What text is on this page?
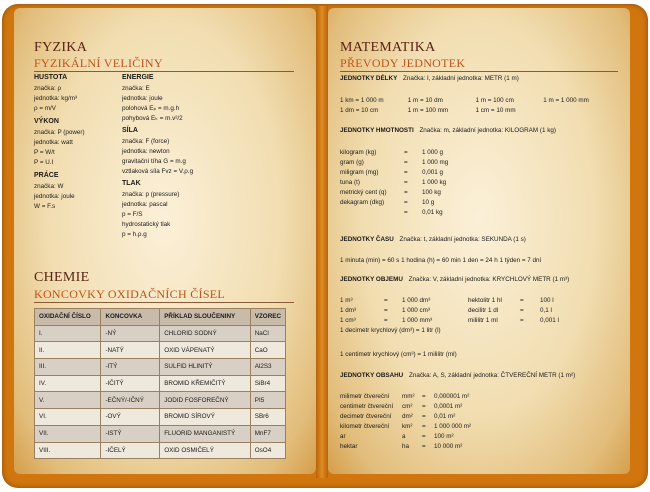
FYZIKA
FYZIKÁLNÍ VELIČINY
HUSTOTA
značka: ρ
jednotka: kg/m³
ρ = m/V
VÝKON
značka: P (power)
jednotka: watt
P = W/t
P = U.I
PRÁCE
značka: W
jednotka: joule
W = F.s
ENERGIE
značka: E
jednotka: joule
polohová Eₚ = m.g.h
pohybová Eₖ = m.v²/2
SÍLA
značka: F (force)
jednotka: newton
gravitační tíha G = m.g
vztlaková síla Fvz = V.ρ.g
TLAK
značka: p (pressure)
jednotka: pascal
p = F/S
hydrostatický tlak
p = h.ρ.g
CHEMIE
KONCOVKY OXIDAČNÍCH ČÍSEL
OXIDAČNÍ ČÍSLO	KONCOVKA	PŘÍKLAD SLOUČENINY	VZOREC
I.	-NÝ	CHLORID SODNÝ	NaCl
II.	-NATÝ	OXID VÁPENATÝ	CaO
III.	-ITÝ	SULFID HLINITÝ	Al2S3
IV.	-IČITÝ	BROMID KŘEMIČITÝ	SiBr4
V.	-EČNÝ/-IČNÝ	JODID FOSFOREČNÝ	PI5
VI.	-OVÝ	BROMID SÍROVÝ	SBr6
VII.	-ISTÝ	FLUORID MANGANISTÝ	MnF7
VIII.	-IČELÝ	OXID OSMIČELÝ	OsO4
MATEMATIKA
PŘEVODY JEDNOTEK
JEDNOTKY DÉLKY Značka: l, základní jednotka: METR (1 m)
1 km = 1 000 m	1 m = 10 dm	1 m = 100 cm	1 m = 1 000 mm
1 dm = 10 cm	1 m = 100 mm	1 cm = 10 mm
JEDNOTKY HMOTNOSTI Značka: m, základní jednotka: KILOGRAM (1 kg)
kilogram (kg)	= 1 000 g
gram (g)	= 1 000 mg
miligram (mg)	= 0,001 g
tuna (t)	= 1 000 kg
metrický cent (q)	= 100 kg
dekagram (dkg)	= 10 g
= 0,01 kg
JEDNOTKY ČASU Značka: t, základní jednotka: SEKUNDA (1 s)
1 minuta (min) = 60 s 1 hodina (h) = 60 min 1 den = 24 h 1 týden = 7 dní
JEDNOTKY OBJEMU Značka: V, základní jednotka: KRYCHLOVÝ METR (1 m³)
1 m³	= 1 000 dm³	hektolitr 1 hl	=	100 l
1 dm³	= 1 000 cm³	decilitr 1 dl	=	0,1 l
1 cm³	= 1 000 mm³	mililitr 1 ml	=	0,001 l
1 decimetr krychlový (dm³) = 1 litr (l)
1 centimetr krychlový (cm³) = 1 mililitr (ml)
JEDNOTKY OBSAHU Značka: A, S, základní jednotka: ČTVEREČNÍ METR (1 m²)
milimetr čtvereční mm² = 0,000001 m²
centimetr čtvereční cm² = 0,0001 m²
decimetr čtvereční dm² = 0,01 m²
kilometr čtvereční km² = 1 000 000 m²
ar	a	= 100 m²
hektar	ha = 10 000 m²
